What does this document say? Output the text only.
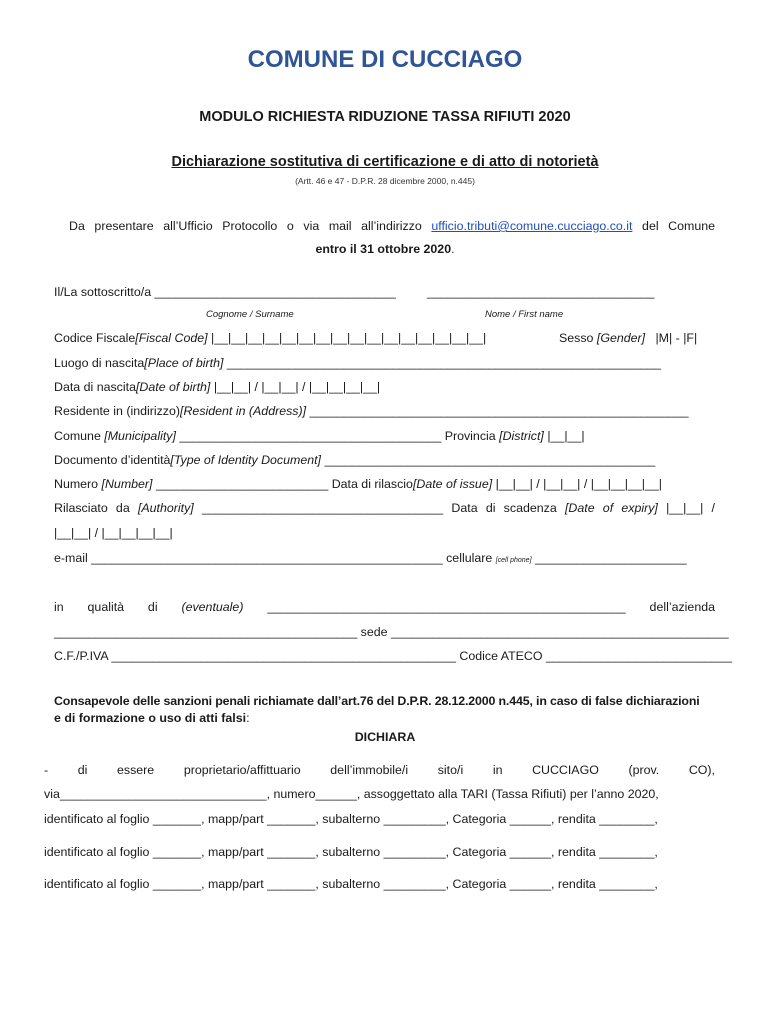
COMUNE DI CUCCIAGO
MODULO RICHIESTA RIDUZIONE TASSA RIFIUTI 2020
Dichiarazione sostitutiva di certificazione e di atto di notorietà
(Artt. 46 e 47 - D.P.R. 28 dicembre 2000, n.445)
Da presentare all’Ufficio Protocollo o via mail all’indirizzo ufficio.tributi@comune.cucciago.co.it del Comune
entro il 31 ottobre 2020.
Il/La sottoscritto/a ___________________________________	_________________________________
Cognome / Surname	Nome / First name
Codice Fiscale[Fiscal Code] |__|__|__|__|__|__|__|__|__|__|__|__|__|__|__|__|	Sesso [Gender] |M| - |F|
Luogo di nascita[Place of birth] _______________________________________________________________
Data di nascita[Date of birth] |__|__| / |__|__| / |__|__|__|__|
Residente in (indirizzo)[Resident in (Address)] _______________________________________________________
Comune [Municipality] ______________________________________ Provincia [District] |__|__|
Documento d’identità[Type of Identity Document] ________________________________________________
Numero [Number] _________________________ Data di rilascio[Date of issue] |__|__| / |__|__| / |__|__|__|__|
Rilasciato da [Authority] ___________________________________ Data di scadenza [Date of expiry] |__|__| /
|__|__| / |__|__|__|__|
e-mail ___________________________________________________ cellulare [cell phone] ______________________
in qualità di (eventuale) ____________________________________________________ dell’azienda
____________________________________________ sede _________________________________________________
C.F./P.IVA __________________________________________________ Codice ATECO ___________________________
Consapevole delle sanzioni penali richiamate dall’art.76 del D.P.R. 28.12.2000 n.445, in caso di false dichiarazioni
e di formazione o uso di atti falsi:
DICHIARA
- di essere proprietario/affittuario dell’immobile/i sito/i in CUCCIAGO (prov. CO),
via______________________________, numero______, assoggettato alla TARI (Tassa Rifiuti) per l’anno 2020,
identificato al foglio _______, mapp/part _______, subalterno _________, Categoria ______, rendita ________,
identificato al foglio _______, mapp/part _______, subalterno _________, Categoria ______, rendita ________,
identificato al foglio _______, mapp/part _______, subalterno _________, Categoria ______, rendita ________,
